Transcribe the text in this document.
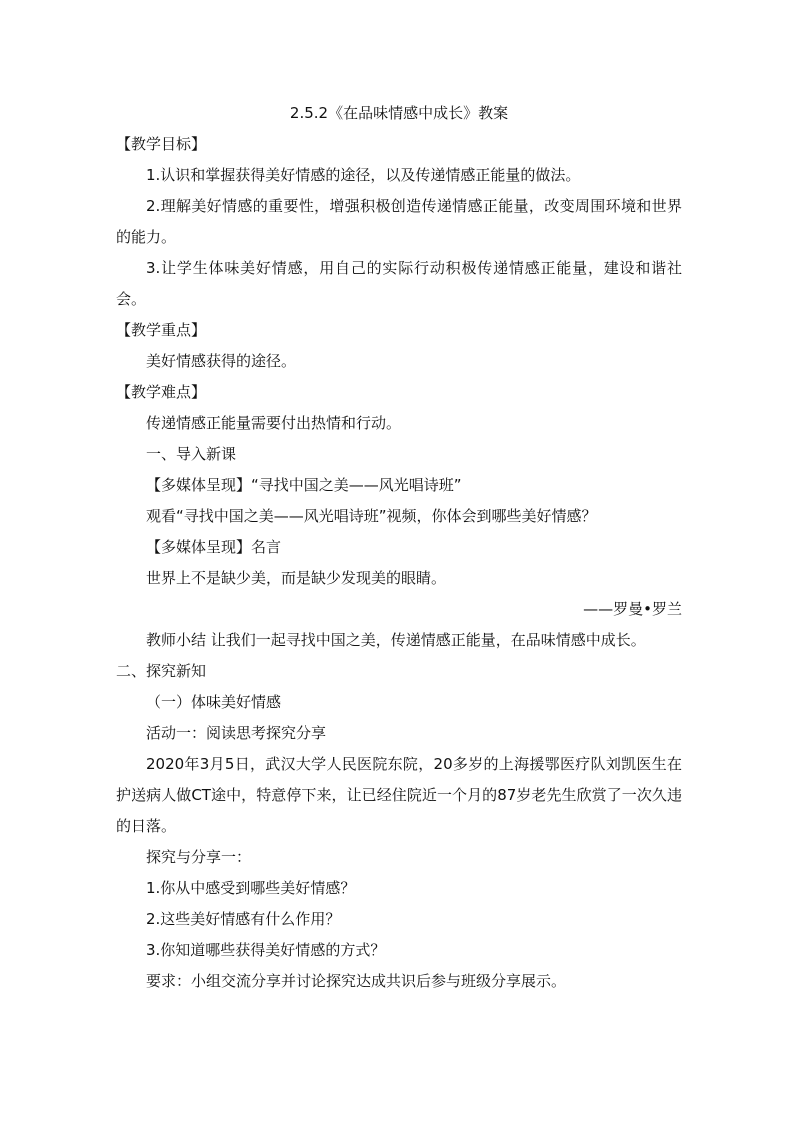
2.5.2《在品味情感中成长》教案

【教学目标】

1.认识和掌握获得美好情感的途径，以及传递情感正能量的做法。

2.理解美好情感的重要性，增强积极创造传递情感正能量，改变周围环境和世界的能力。

3.让学生体味美好情感，用自己的实际行动积极传递情感正能量，建设和谐社会。

【教学重点】

美好情感获得的途径。

【教学难点】

传递情感正能量需要付出热情和行动。

一、导入新课

【多媒体呈现】“寻找中国之美——风光唱诗班”

观看“寻找中国之美——风光唱诗班”视频，你体会到哪些美好情感？

【多媒体呈现】名言

世界上不是缺少美，而是缺少发现美的眼睛。

——罗曼•罗兰

教师小结 让我们一起寻找中国之美，传递情感正能量，在品味情感中成长。

二、探究新知

（一）体味美好情感

活动一：阅读思考探究分享

2020年3月5日，武汉大学人民医院东院，20多岁的上海援鄂医疗队刘凯医生在护送病人做CT途中，特意停下来，让已经住院近一个月的87岁老先生欣赏了一次久违的日落。

探究与分享一：

1.你从中感受到哪些美好情感？

2.这些美好情感有什么作用？

3.你知道哪些获得美好情感的方式？

要求：小组交流分享并讨论探究达成共识后参与班级分享展示。
